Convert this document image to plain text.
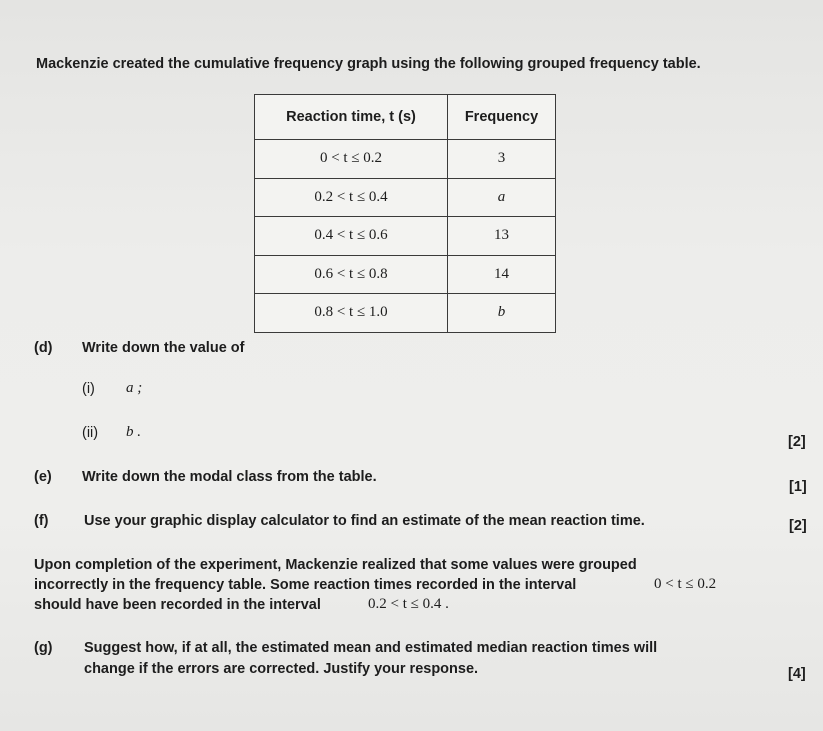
Mackenzie created the cumulative frequency graph using the following grouped frequency table.
Reaction time, t (s)	Frequency
0 < t ≤ 0.2	3
0.2 < t ≤ 0.4	a
0.4 < t ≤ 0.6	13
0.6 < t ≤ 0.8	14
0.8 < t ≤ 1.0	b
(d) Write down the value of
(i) a ;
(ii) b .
[2]
(e) Write down the modal class from the table.
[1]
(f) Use your graphic display calculator to find an estimate of the mean reaction time.	[2]
Upon completion of the experiment, Mackenzie realized that some values were grouped
incorrectly in the frequency table. Some reaction times recorded in the interval	0 < t ≤ 0.2
should have been recorded in the interval	0.2 < t ≤ 0.4 .
(g) Suggest how, if at all, the estimated mean and estimated median reaction times will
change if the errors are corrected. Justify your response.	[4]
